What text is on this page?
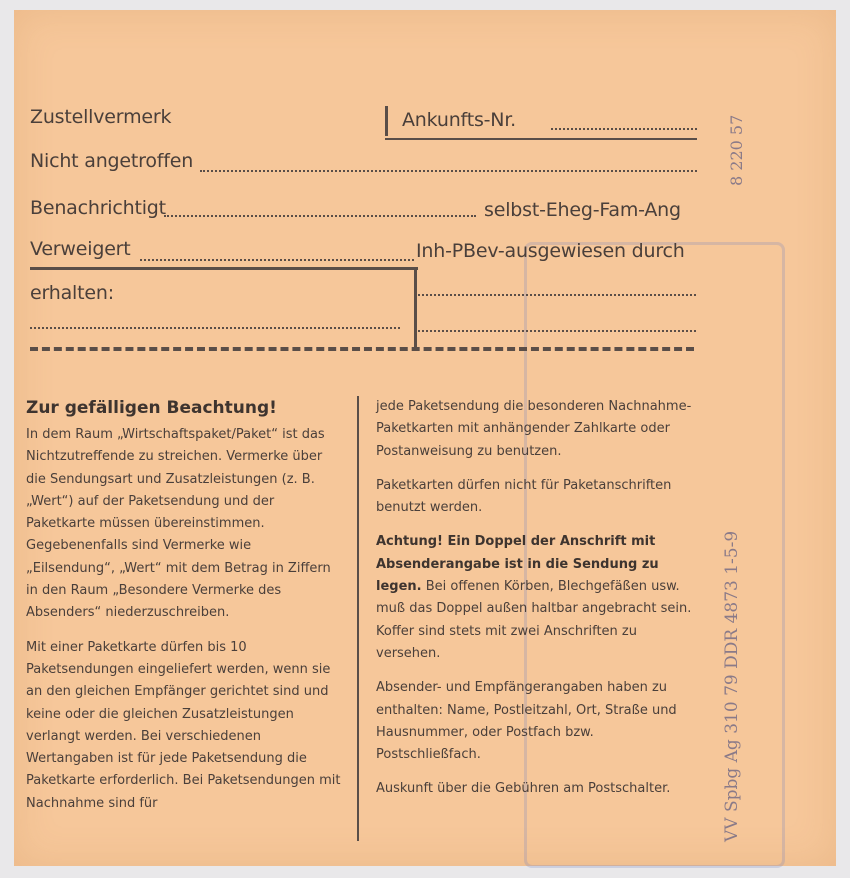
Zustellvermerk	Ankunfts-Nr.
Nicht angetroffen
Benachrichtigt	selbst-Eheg-Fam-Ang
Verweigert	Inh-PBev-ausgewiesen durch
erhalten:
8 220 57

Zur gefälligen Beachtung!

In dem Raum „Wirtschaftspaket/Paket“ ist das Nichtzutreffende zu streichen. Vermerke über die Sendungsart und Zusatzleistungen (z. B. „Wert“) auf der Paketsendung und der Paketkarte müssen übereinstimmen. Gegebenenfalls sind Vermerke wie „Eilsendung“, „Wert“ mit dem Betrag in Ziffern in den Raum „Besondere Vermerke des Absenders“ niederzuschreiben.

Mit einer Paketkarte dürfen bis 10 Paketsendungen eingeliefert werden, wenn sie an den gleichen Empfänger gerichtet sind und keine oder die gleichen Zusatzleistungen verlangt werden. Bei verschiedenen Wertangaben ist für jede Paketsendung die Paketkarte erforderlich. Bei Paketsendungen mit Nachnahme sind für

jede Paketsendung die besonderen Nachnahme-Paketkarten mit anhängender Zahlkarte oder Postanweisung zu benutzen.

Paketkarten dürfen nicht für Paketanschriften benutzt werden.

Achtung! Ein Doppel der Anschrift mit Absenderangabe ist in die Sendung zu legen. Bei offenen Körben, Blechgefäßen usw. muß das Doppel außen haltbar angebracht sein. Koffer sind stets mit zwei Anschriften zu versehen.

Absender- und Empfängerangaben haben zu enthalten: Name, Postleitzahl, Ort, Straße und Hausnummer, oder Postfach bzw. Postschließfach.

Auskunft über die Gebühren am Postschalter.	VV Spbg Ag 310 79 DDR 4873 1-5-9
